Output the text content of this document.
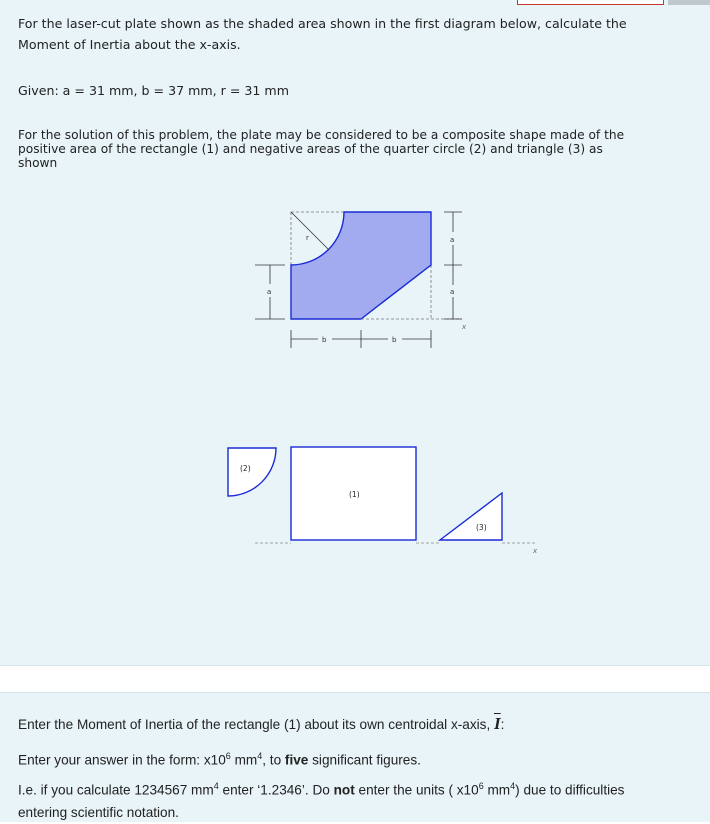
For the laser-cut plate shown as the shaded area shown in the first diagram below, calculate the
Moment of Inertia about the x-axis.
Given: a = 31 mm, b = 37 mm, r = 31 mm
For the solution of this problem, the plate may be considered to be a composite shape made of the
positive area of the rectangle (1) and negative areas of the quarter circle (2) and triangle (3) as
shown
r
x
a
a
a
b	b
(2)
(1)
(3)
x
Enter the Moment of Inertia of the rectangle (1) about its own centroidal x-axis, $\overline{I}$:
Enter your answer in the form: $x10^6$ $mm^4$, to five significant figures.
I.e. if you calculate 1234567 $mm^4$ enter ‘1.2346’. Do not enter the units ( $x10^6$ $mm^4$) due to difficulties
entering scientific notation.
